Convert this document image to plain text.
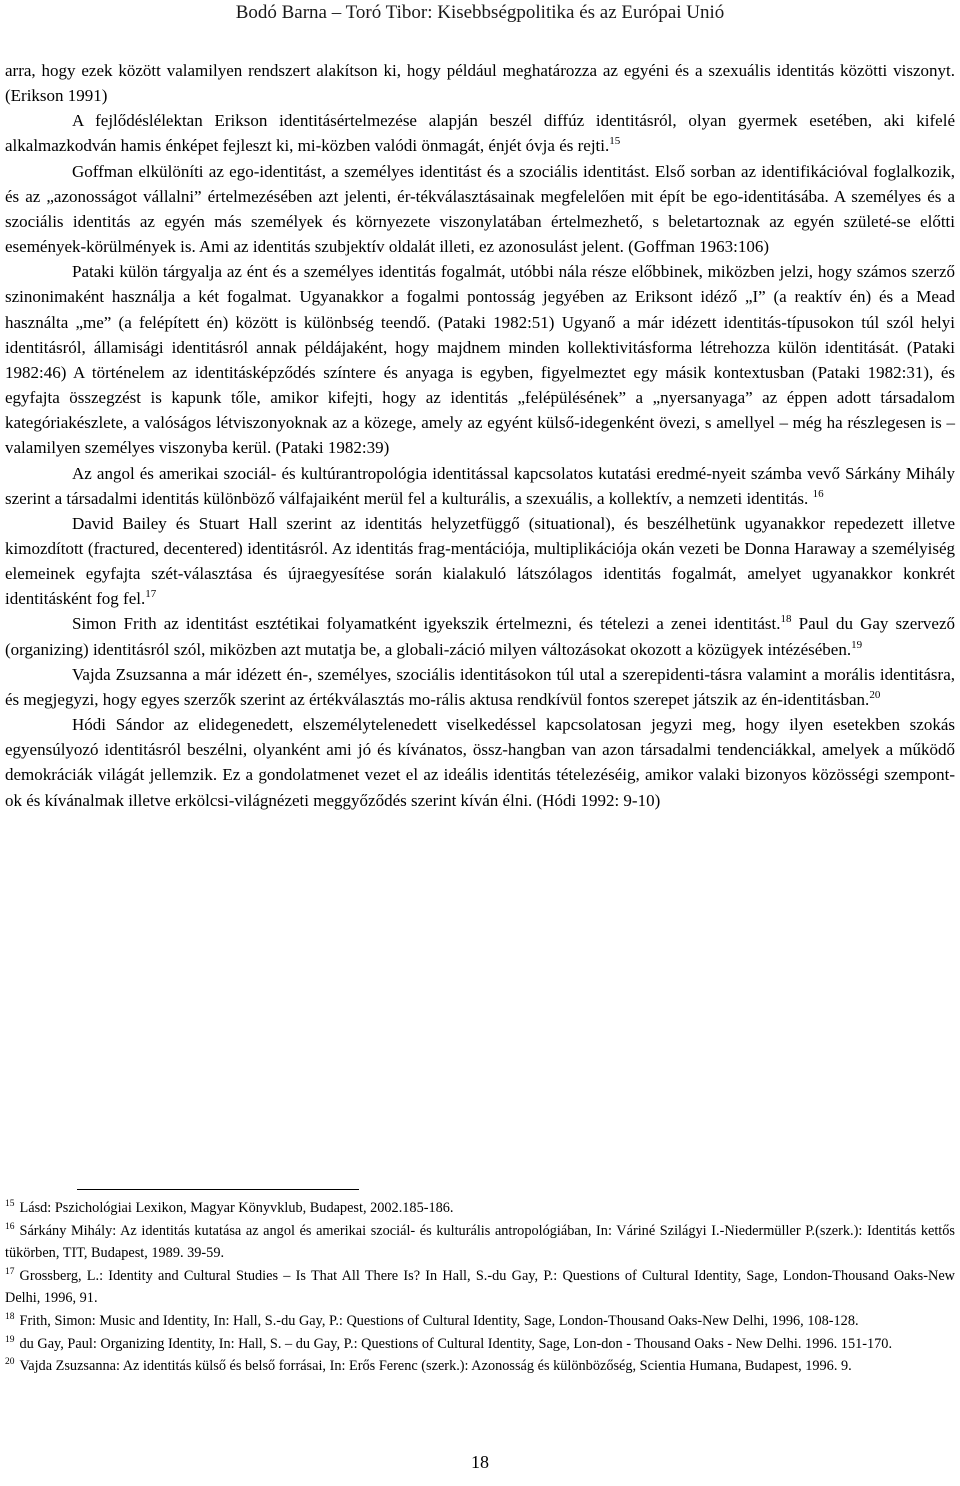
Bodó Barna – Toró Tibor: Kisebbségpolitika és az Európai Unió

arra, hogy ezek között valamilyen rendszert alakítson ki, hogy például meghatározza az egyéni és a szexuális identitás közötti viszonyt. (Erikson 1991)

A fejlődéslélektan Erikson identitásértelmezése alapján beszél diffúz identitásról, olyan gyermek esetében, aki kifelé alkalmazkodván hamis énképet fejleszt ki, mi-közben valódi önmagát, énjét óvja és rejti.$^{15}$

Goffman elkülöníti az ego-identitást, a személyes identitást és a szociális identitást. Első sorban az identifikációval foglalkozik, és az „azonosságot vállalni” értelmezésében azt jelenti, ér-tékválasztásainak megfelelően mit épít be ego-identitásába. A személyes és a szociális identitás az egyén más személyek és környezete viszonylatában értelmezhető, s beletartoznak az egyén születé-se előtti események-körülmények is. Ami az identitás szubjektív oldalát illeti, ez azonosulást jelent. (Goffman 1963:106)

Pataki külön tárgyalja az ént és a személyes identitás fogalmát, utóbbi nála része előbbinek, miközben jelzi, hogy számos szerző szinonimaként használja a két fogalmat. Ugyanakkor a fogalmi pontosság jegyében az Eriksont idéző „I” (a reaktív én) és a Mead használta „me” (a felépített én) között is különbség teendő. (Pataki 1982:51) Ugyanő a már idézett identitás-típusokon túl szól helyi identitásról, államisági identitásról annak példájaként, hogy majdnem minden kollektivitásforma létrehozza külön identitását. (Pataki 1982:46) A történelem az identitásképződés színtere és anyaga is egyben, figyelmeztet egy másik kontextusban (Pataki 1982:31), és egyfajta összegzést is kapunk tőle, amikor kifejti, hogy az identitás „felépülésének” a „nyersanyaga” az éppen adott társadalom kategóriakészlete, a valóságos létviszonyoknak az a közege, amely az egyént külső-idegenként övezi, s amellyel – még ha részlegesen is – valamilyen személyes viszonyba kerül. (Pataki 1982:39)

Az angol és amerikai szociál- és kultúrantropológia identitással kapcsolatos kutatási eredmé-nyeit számba vevő Sárkány Mihály szerint a társadalmi identitás különböző válfajaiként merül fel a kulturális, a szexuális, a kollektív, a nemzeti identitás. $^{16}$

David Bailey és Stuart Hall szerint az identitás helyzetfüggő (situational), és beszélhetünk ugyanakkor repedezett illetve kimozdított (fractured, decentered) identitásról. Az identitás frag-mentációja, multiplikációja okán vezeti be Donna Haraway a személyiség elemeinek egyfajta szét-választása és újraegyesítése során kialakuló látszólagos identitás fogalmát, amelyet ugyanakkor konkrét identitásként fog fel.$^{17}$

Simon Frith az identitást esztétikai folyamatként igyekszik értelmezni, és tételezi a zenei identitást.$^{18}$ Paul du Gay szervező (organizing) identitásról szól, miközben azt mutatja be, a globali-záció milyen változásokat okozott a közügyek intézésében.$^{19}$

Vajda Zsuzsanna a már idézett én-, személyes, szociális identitásokon túl utal a szerepidenti-tásra valamint a morális identitásra, és megjegyzi, hogy egyes szerzők szerint az értékválasztás mo-rális aktusa rendkívül fontos szerepet játszik az én-identitásban.$^{20}$

Hódi Sándor az elidegenedett, elszemélytelenedett viselkedéssel kapcsolatosan jegyzi meg, hogy ilyen esetekben szokás egyensúlyozó identitásról beszélni, olyanként ami jó és kívánatos, össz-hangban van azon társadalmi tendenciákkal, amelyek a működő demokráciák világát jellemzik. Ez a gondolatmenet vezet el az ideális identitás tételezéséig, amikor valaki bizonyos közösségi szempont-ok és kívánalmak illetve erkölcsi-világnézeti meggyőződés szerint kíván élni. (Hódi 1992: 9-10)

$^{15}$ Lásd: Pszichológiai Lexikon, Magyar Könyvklub, Budapest, 2002.185-186.

$^{16}$ Sárkány Mihály: Az identitás kutatása az angol és amerikai szociál- és kulturális antropológiában, In: Váriné Szilágyi I.-Niedermüller P.(szerk.): Identitás kettős tükörben, TIT, Budapest, 1989. 39-59.

$^{17}$ Grossberg, L.: Identity and Cultural Studies – Is That All There Is? In Hall, S.-du Gay, P.: Questions of Cultural Identity, Sage, London-Thousand Oaks-New Delhi, 1996, 91.

$^{18}$ Frith, Simon: Music and Identity, In: Hall, S.-du Gay, P.: Questions of Cultural Identity, Sage, London-Thousand Oaks-New Delhi, 1996, 108-128.

$^{19}$ du Gay, Paul: Organizing Identity, In: Hall, S. – du Gay, P.: Questions of Cultural Identity, Sage, Lon-don - Thousand Oaks - New Delhi. 1996. 151-170.

$^{20}$ Vajda Zsuzsanna: Az identitás külső és belső forrásai, In: Erős Ferenc (szerk.): Azonosság és különbözőség, Scientia Humana, Budapest, 1996. 9.

18
